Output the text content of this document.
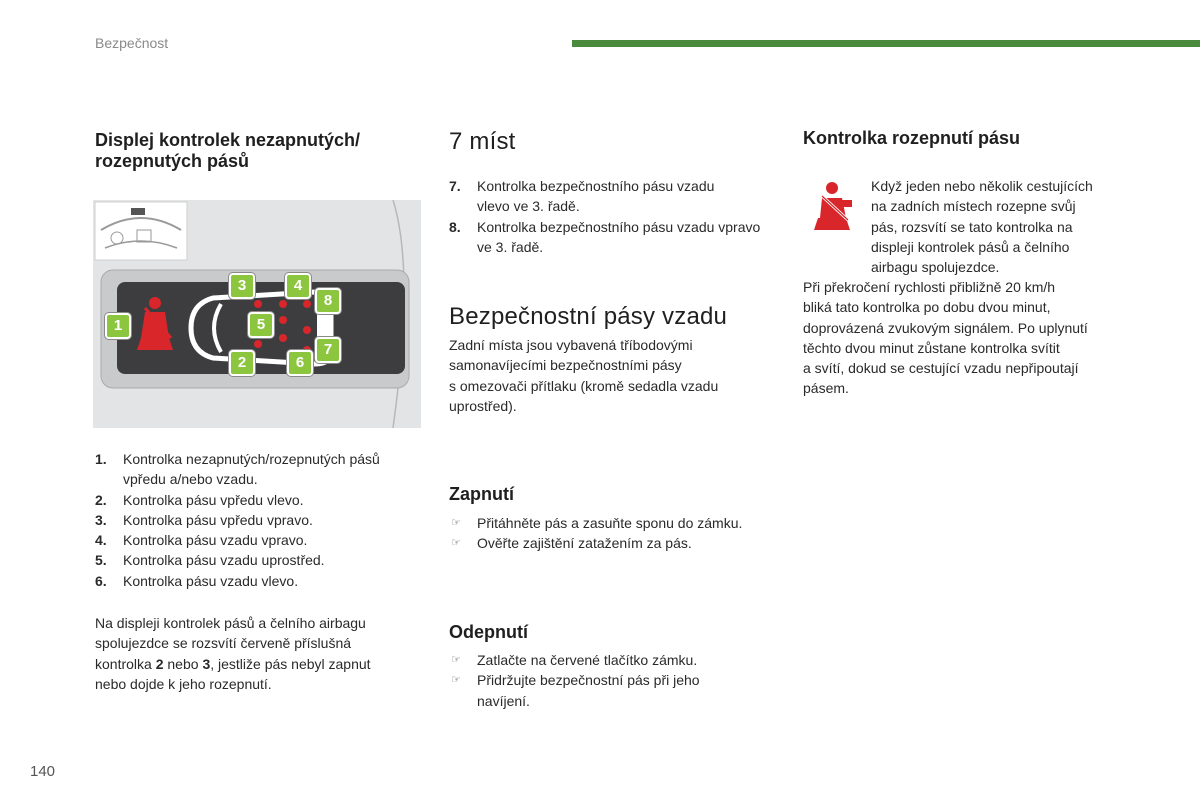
Bezpečnost
Displej kontrolek nezapnutých/
rozepnutých pásů
1
2
3	4
5
6
7
8
1. Kontrolka nezapnutých/rozepnutých pásů
vpředu a/nebo vzadu.
2. Kontrolka pásu vpředu vlevo.
3. Kontrolka pásu vpředu vpravo.
4. Kontrolka pásu vzadu vpravo.
5. Kontrolka pásu vzadu uprostřed.
6. Kontrolka pásu vzadu vlevo.
Na displeji kontrolek pásů a čelního airbagu
spolujezdce se rozsvítí červeně příslušná
kontrolka 2 nebo 3, jestliže pás nebyl zapnut
nebo dojde k jeho rozepnutí.
7 míst
7. Kontrolka bezpečnostního pásu vzadu
vlevo ve 3. řadě.
8. Kontrolka bezpečnostního pásu vzadu vpravo
ve 3. řadě.
Bezpečnostní pásy vzadu
Zadní místa jsou vybavená tříbodovými
samonavíjecími bezpečnostními pásy
s omezovači přítlaku (kromě sedadla vzadu
uprostřed).
Zapnutí
☞ Přitáhněte pás a zasuňte sponu do zámku.
☞ Ověřte zajištění zatažením za pás.
Odepnutí
☞ Zatlačte na červené tlačítko zámku.
☞ Přidržujte bezpečnostní pás při jeho
navíjení.
Kontrolka rozepnutí pásu
Když jeden nebo několik cestujících
na zadních místech rozepne svůj
pás, rozsvítí se tato kontrolka na
displeji kontrolek pásů a čelního
airbagu spolujezdce.
Při překročení rychlosti přibližně 20 km/h
bliká tato kontrolka po dobu dvou minut,
doprovázená zvukovým signálem. Po uplynutí
těchto dvou minut zůstane kontrolka svítit
a svítí, dokud se cestující vzadu nepřipoutají
pásem.
140
